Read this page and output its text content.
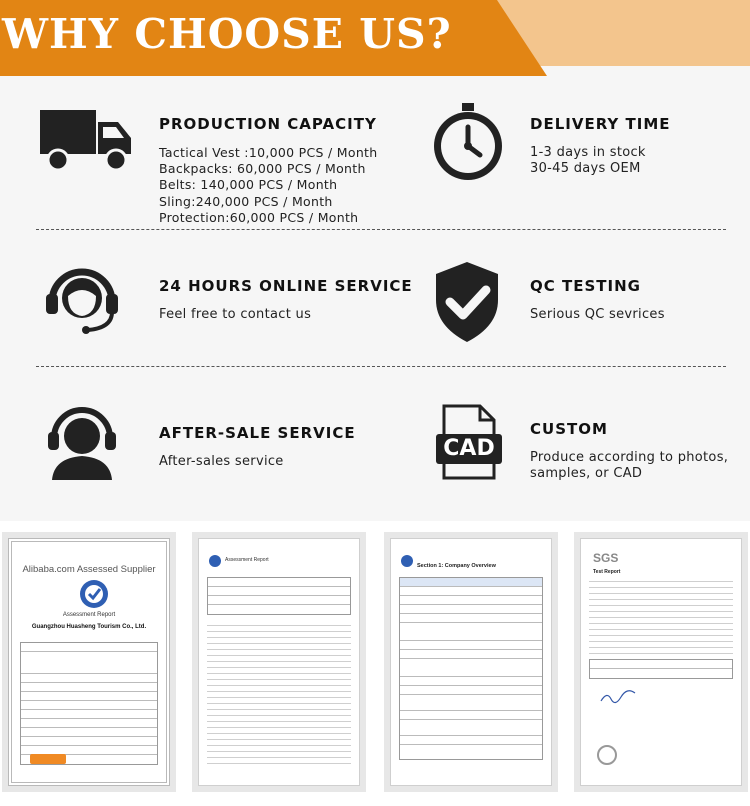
WHY CHOOSE US?
PRODUCTION CAPACITY
Tactical Vest :10,000 PCS / Month
Backpacks: 60,000 PCS / Month
Belts: 140,000 PCS / Month
Sling:240,000 PCS / Month
Protection:60,000 PCS / Month
DELIVERY TIME
1-3 days in stock
30-45 days OEM
24 HOURS ONLINE SERVICE
Feel free to contact us
QC TESTING
Serious QC sevrices
AFTER-SALE SERVICE
After-sales service
CAD
CUSTOM
Produce according to photos,
samples, or CAD
Alibaba.com Assessed Supplier
Assessment Report
Guangzhou Huasheng Tourism Co., Ltd.
Assessment Report
Section 1: Company Overview
SGS
Test Report
